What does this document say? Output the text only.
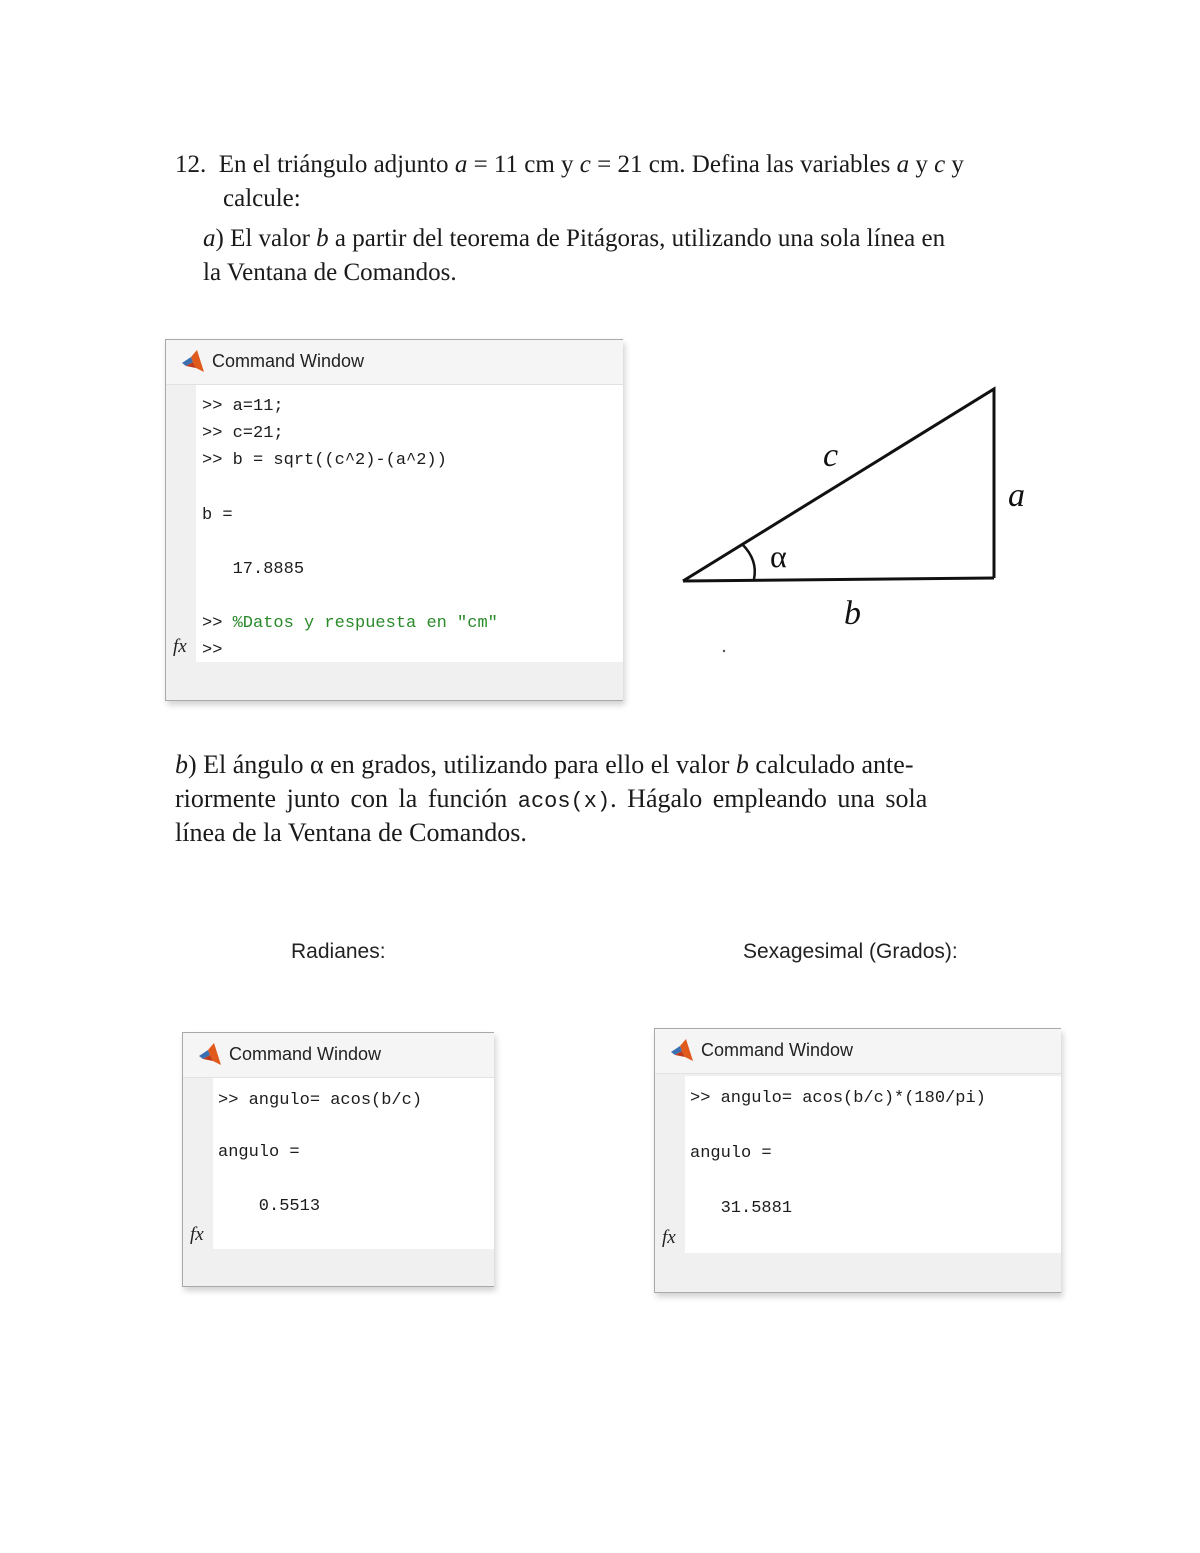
12. En el triángulo adjunto a = 11 cm y c = 21 cm. Defina las variables a y c y
calcule:
a) El valor b a partir del teorema de Pitágoras, utilizando una sola línea en
la Ventana de Comandos.
Command Window
>> a=11;
>> c=21;
>> b = sqrt((c^2)-(a^2))
b =
17.8885
>> %Datos y respuesta en "cm"
>>
fx
c
a
b
α
b) El ángulo α en grados, utilizando para ello el valor b calculado ante-
riormente junto con la función acos(x). Hágalo empleando una sola
línea de la Ventana de Comandos.
Radianes:	Sexagesimal (Grados):
Command Window
>> angulo= acos(b/c)
angulo =
0.5513
fx
Command Window
>> angulo= acos(b/c)*(180/pi)
angulo =
31.5881
fx
